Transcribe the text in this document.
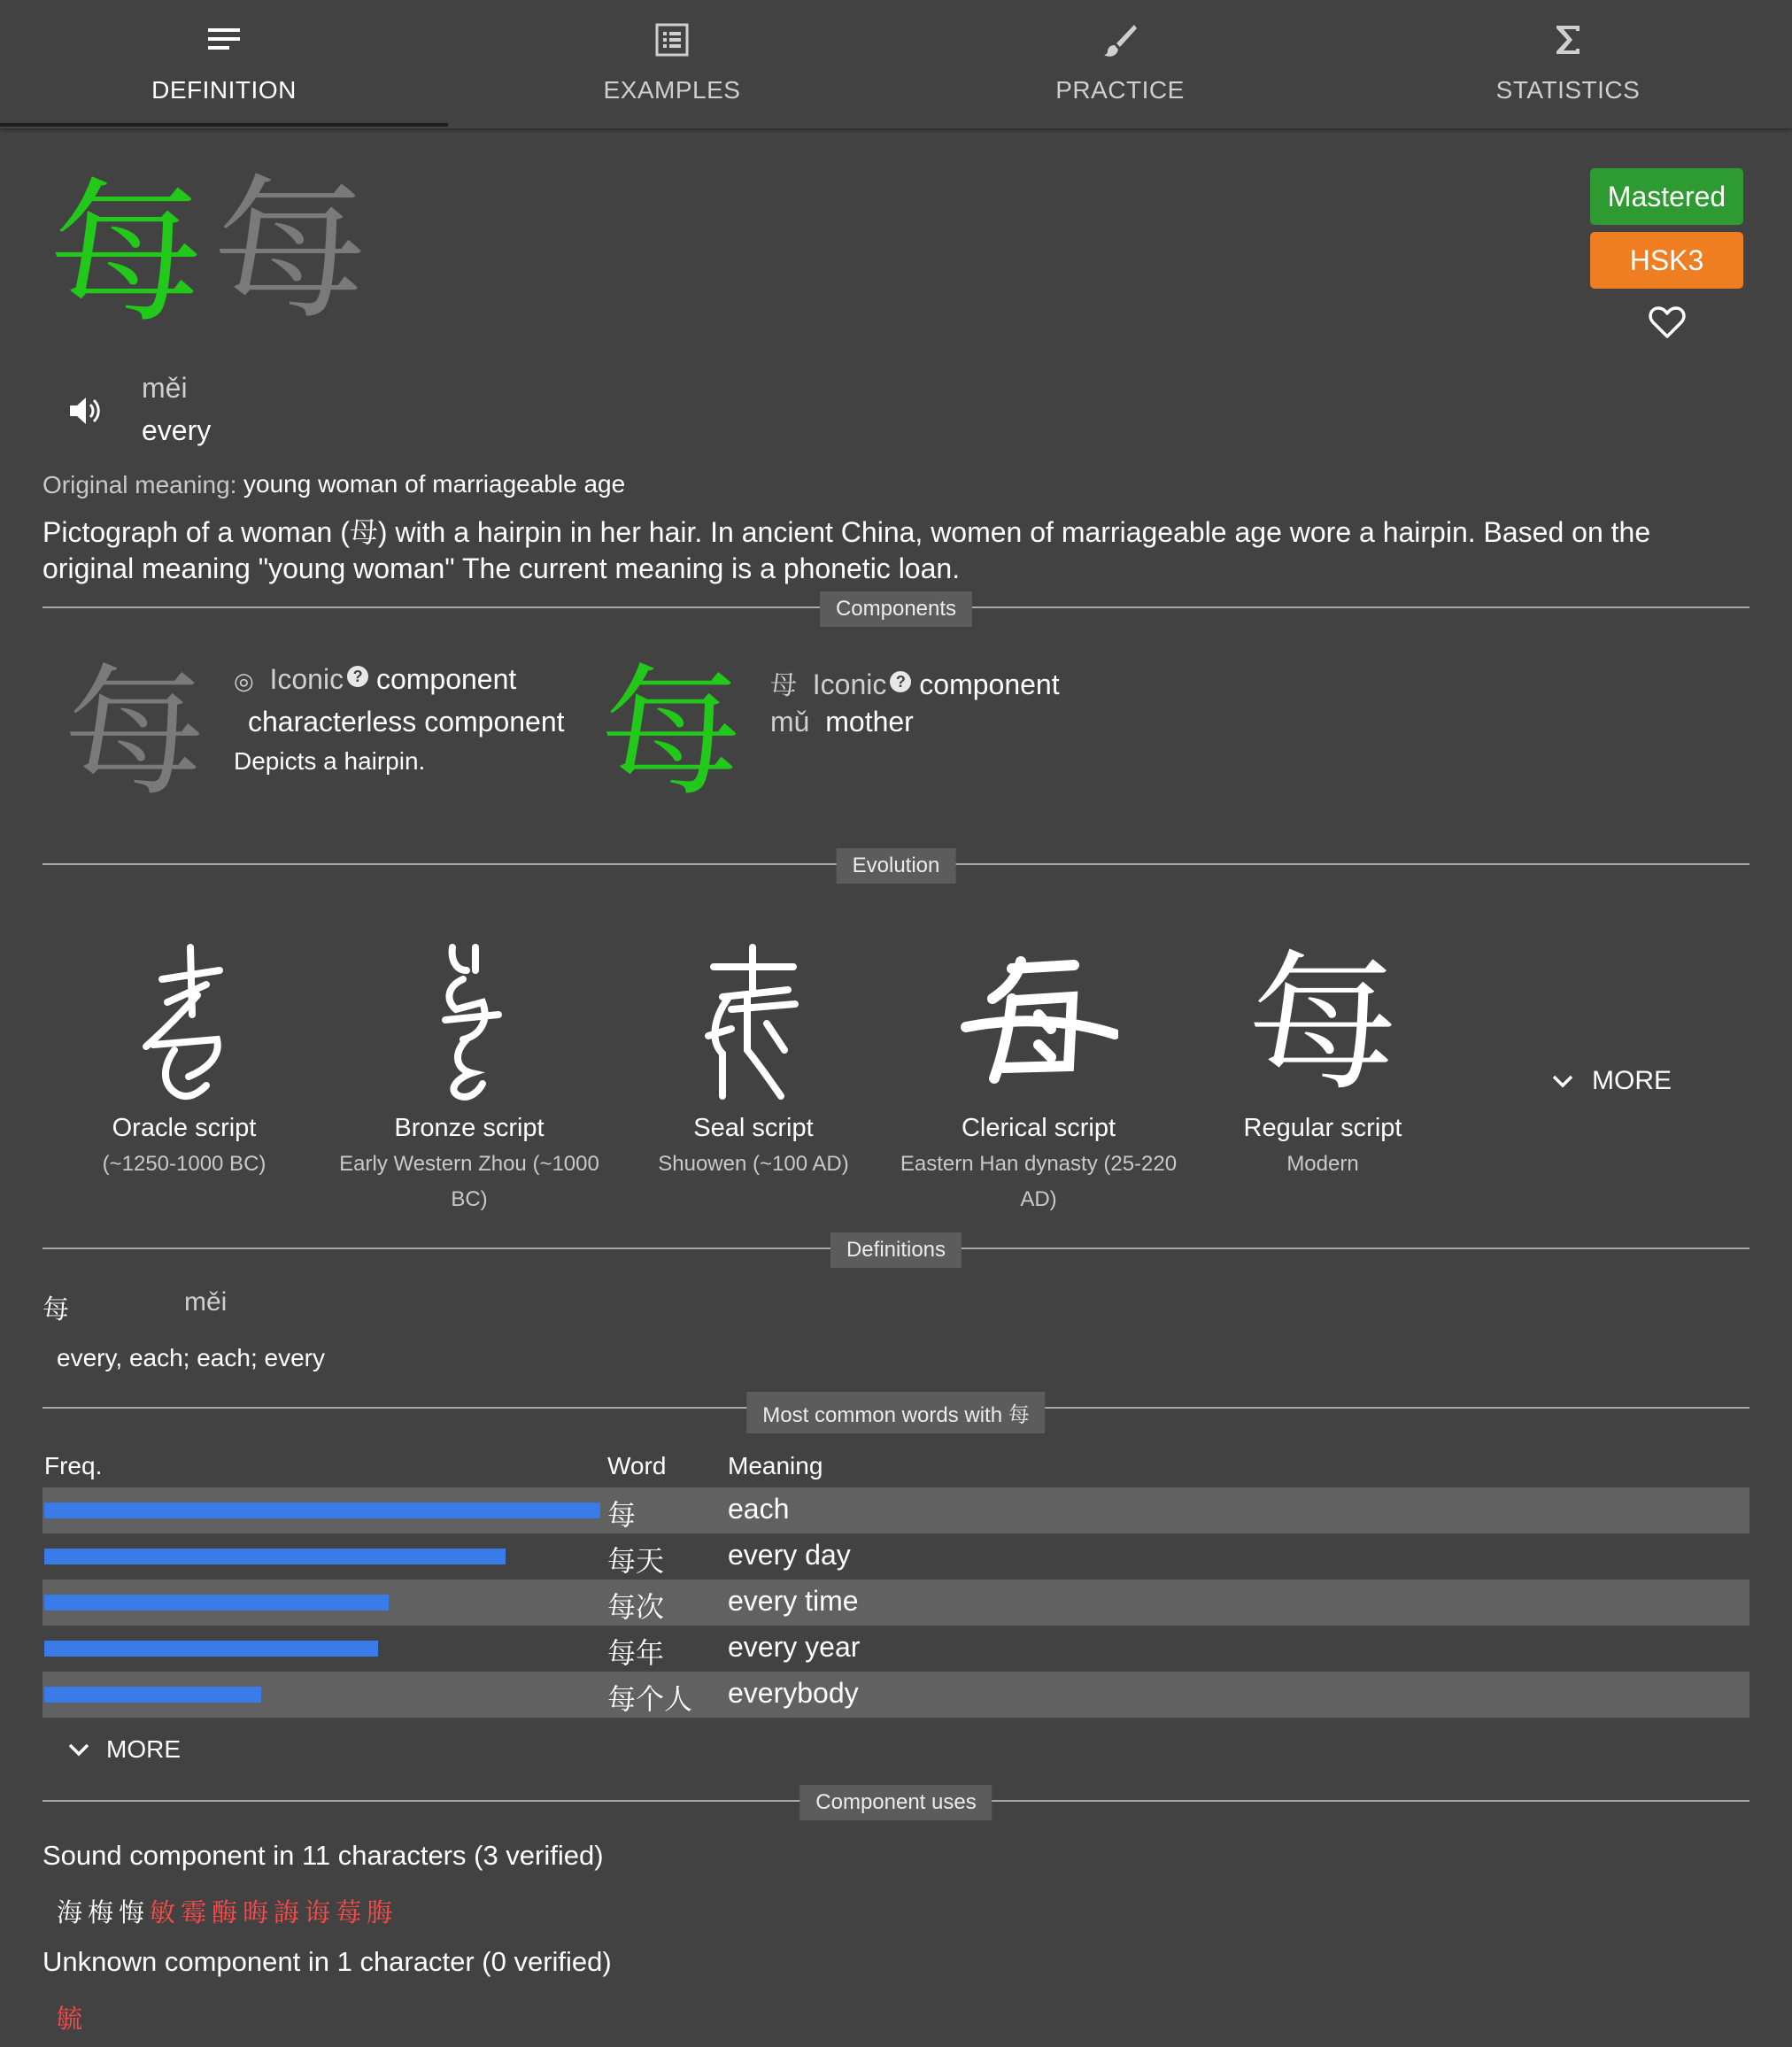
DEFINITION	EXAMPLES	PRACTICE	STATISTICS
每 每	Mastered
HSK3
měi
every
Original meaning: young woman of marriageable age
Pictograph of a woman (母) with a hairpin in her hair. In ancient China, women of marriageable age wore a hairpin. Based on the
original meaning "young woman" The current meaning is a phonetic loan.
Components
每 ◎ Iconic ? component
characterless component
Depicts a hairpin. 每 母 Iconic ? component
mǔ mother
Evolution
Oracle script
(~1250-1000 BC)
Bronze script
Early Western Zhou (~1000 BC)
Seal script
Shuowen (~100 AD)
Clerical script
Eastern Han dynasty (25-220 AD)
每
Regular script
Modern
MORE
Definitions
每	měi
every, each; each; every
Most common words with 每
Freq.	Word Meaning
每	each
每天 every day
每次 every time
每年 every year
每个人 everybody
MORE
Component uses
Sound component in 11 characters (3 verified)
海梅悔敏霉酶晦誨诲莓脢
Unknown component in 1 character (0 verified)
毓
